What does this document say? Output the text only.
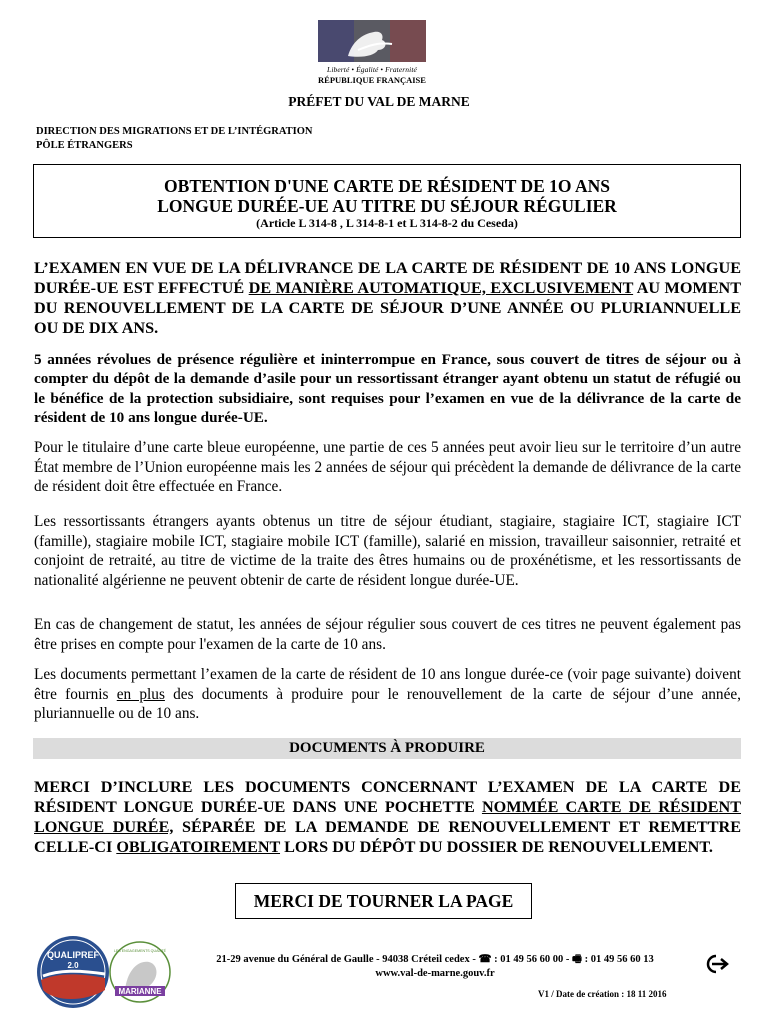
Liberté • Égalité • Fraternité
RÉPUBLIQUE FRANÇAISE
PRÉFET DU VAL DE MARNE
DIRECTION DES MIGRATIONS ET DE L’INTÉGRATION
PÔLE ÉTRANGERS
OBTENTION D'UNE CARTE DE RÉSIDENT DE 1O ANS
LONGUE DURÉE-UE AU TITRE DU SÉJOUR RÉGULIER
(Article L 314-8 , L 314-8-1 et L 314-8-2 du Ceseda)
L’EXAMEN EN VUE DE LA DÉLIVRANCE DE LA CARTE DE RÉSIDENT DE 10 ANS LONGUE DURÉE-UE EST EFFECTUÉ DE MANIÈRE AUTOMATIQUE, EXCLUSIVEMENT AU MOMENT DU RENOUVELLEMENT DE LA CARTE DE SÉJOUR D’UNE ANNÉE OU PLURIANNUELLE OU DE DIX ANS.
5 années révolues de présence régulière et ininterrompue en France, sous couvert de titres de séjour ou à compter du dépôt de la demande d’asile pour un ressortissant étranger ayant obtenu un statut de réfugié ou le bénéfice de la protection subsidiaire, sont requises pour l’examen en vue de la délivrance de la carte de résident de 10 ans longue durée-UE.
Pour le titulaire d’une carte bleue européenne, une partie de ces 5 années peut avoir lieu sur le territoire d’un autre État membre de l’Union européenne mais les 2 années de séjour qui précèdent la demande de délivrance de la carte de résident doit être effectuée en France.
Les ressortissants étrangers ayants obtenus un titre de séjour étudiant, stagiaire, stagiaire ICT, stagiaire ICT (famille), stagiaire mobile ICT, stagiaire mobile ICT (famille), salarié en mission, travailleur saisonnier, retraité et conjoint de retraité, au titre de victime de la traite des êtres humains ou de proxénétisme, et les ressortissants de nationalité algérienne ne peuvent obtenir de carte de résident longue durée-UE.
En cas de changement de statut, les années de séjour régulier sous couvert de ces titres ne peuvent également pas être prises en compte pour l'examen de la carte de 10 ans.
Les documents permettant l’examen de la carte de résident de 10 ans longue durée-ce (voir page suivante) doivent être fournis en plus des documents à produire pour le renouvellement de la carte de séjour d’une année, pluriannuelle ou de 10 ans.
DOCUMENTS À PRODUIRE
MERCI D’INCLURE LES DOCUMENTS CONCERNANT L’EXAMEN DE LA CARTE DE RÉSIDENT LONGUE DURÉE-UE DANS UNE POCHETTE NOMMÉE CARTE DE RÉSIDENT LONGUE DURÉE, SÉPARÉE DE LA DEMANDE DE RENOUVELLEMENT ET REMETTRE CELLE-CI OBLIGATOIREMENT LORS DU DÉPÔT DU DOSSIER DE RENOUVELLEMENT.
MERCI DE TOURNER LA PAGE
QUALIPREF
2.0
MARIANNE
LES ENGAGEMENTS QUALITÉ
21-29 avenue du Général de Gaulle - 94038 Créteil cedex - ☎ : 01 49 56 60 00 - 🖷 : 01 49 56 60 13
www.val-de-marne.gouv.fr
V1 / Date de création : 18 11 2016
